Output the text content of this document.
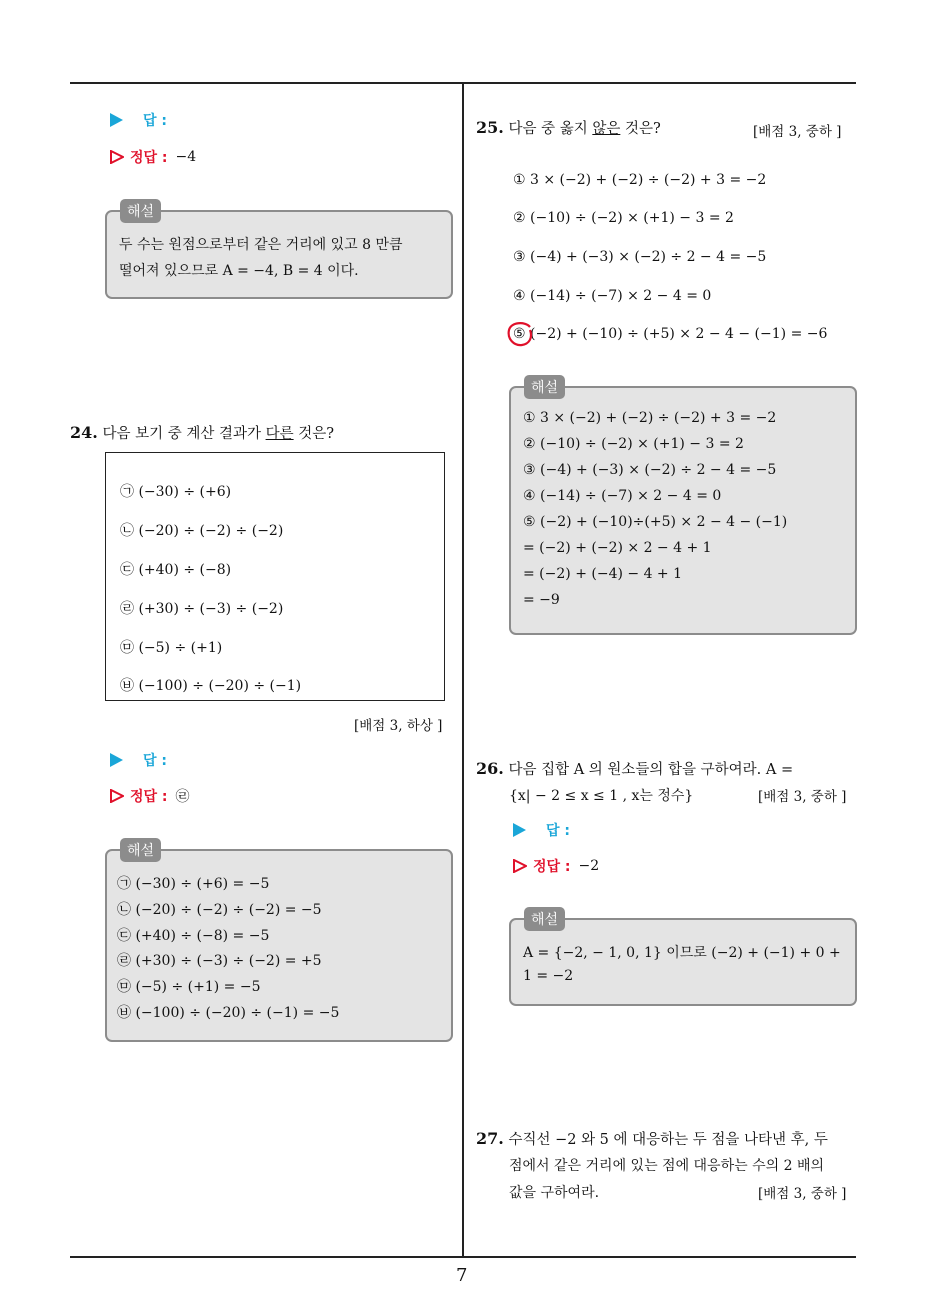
답 :
정답 : −4
두 수는 원점으로부터 같은 거리에 있고 8 만큼
떨어져 있으므로 A = −4, B = 4 이다.
해설
24. 다음 보기 중 계산 결과가 다른 것은?
㉠ (−30) ÷ (+6)
㉡ (−20) ÷ (−2) ÷ (−2)
㉢ (+40) ÷ (−8)
㉣ (+30) ÷ (−3) ÷ (−2)
㉤ (−5) ÷ (+1)
㉥ (−100) ÷ (−20) ÷ (−1)
[배점 3, 하상 ]
답 :
정답 : ㉣
㉠ (−30) ÷ (+6) = −5
㉡ (−20) ÷ (−2) ÷ (−2) = −5
㉢ (+40) ÷ (−8) = −5
㉣ (+30) ÷ (−3) ÷ (−2) = +5
㉤ (−5) ÷ (+1) = −5
㉥ (−100) ÷ (−20) ÷ (−1) = −5
해설
25. 다음 중 옳지 않은 것은?	[배점 3, 중하 ]
① 3 × (−2) + (−2) ÷ (−2) + 3 = −2
② (−10) ÷ (−2) × (+1) − 3 = 2
③ (−4) + (−3) × (−2) ÷ 2 − 4 = −5
④ (−14) ÷ (−7) × 2 − 4 = 0
⑤ (−2) + (−10) ÷ (+5) × 2 − 4 − (−1) = −6
① 3 × (−2) + (−2) ÷ (−2) + 3 = −2
② (−10) ÷ (−2) × (+1) − 3 = 2
③ (−4) + (−3) × (−2) ÷ 2 − 4 = −5
④ (−14) ÷ (−7) × 2 − 4 = 0
⑤ (−2) + (−10)÷(+5) × 2 − 4 − (−1)
= (−2) + (−2) × 2 − 4 + 1
= (−2) + (−4) − 4 + 1
= −9
해설
26. 다음 집합 A 의 원소들의 합을 구하여라. A =
{x| − 2 ≤ x ≤ 1 , x는 정수}	[배점 3, 중하 ]
답 :
정답 : −2
A = {−2, − 1, 0, 1} 이므로 (−2) + (−1) + 0 +
1 = −2
해설
27. 수직선 −2 와 5 에 대응하는 두 점을 나타낸 후, 두
점에서 같은 거리에 있는 점에 대응하는 수의 2 배의
값을 구하여라.	[배점 3, 중하 ]
7
